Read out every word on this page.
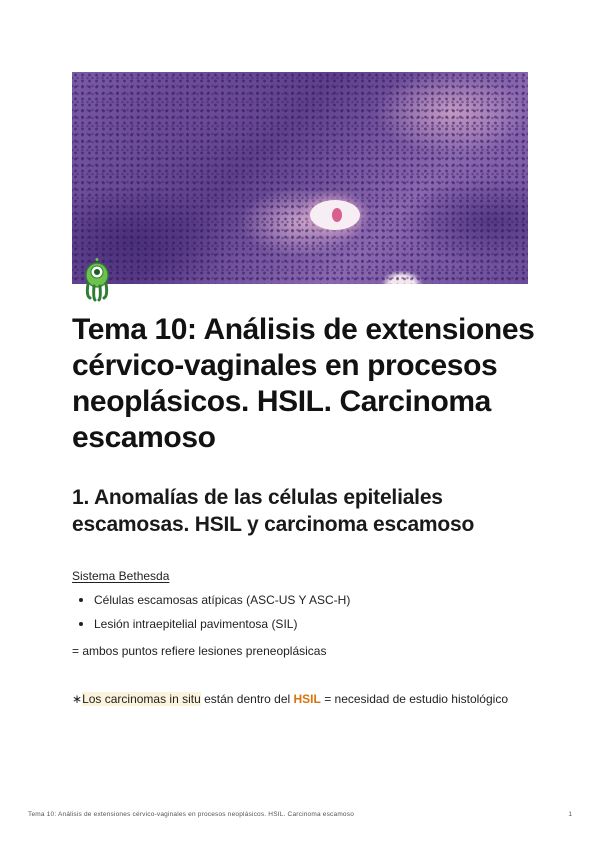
Tema 10: Análisis de extensiones cérvico-vaginales en procesos neoplásicos. HSIL. Carcinoma escamoso
1. Anomalías de las células epiteliales escamosas. HSIL y carcinoma escamoso
Sistema Bethesda
Células escamosas atípicas (ASC-US Y ASC-H)
Lesión intraepitelial pavimentosa (SIL)
= ambos puntos refiere lesiones preneoplásicas

∗Los carcinomas in situ están dentro del HSIL = necesidad de estudio histológico

Tema 10: Análisis de extensiones cérvico-vaginales en procesos neoplásicos. HSIL. Carcinoma escamoso	1
